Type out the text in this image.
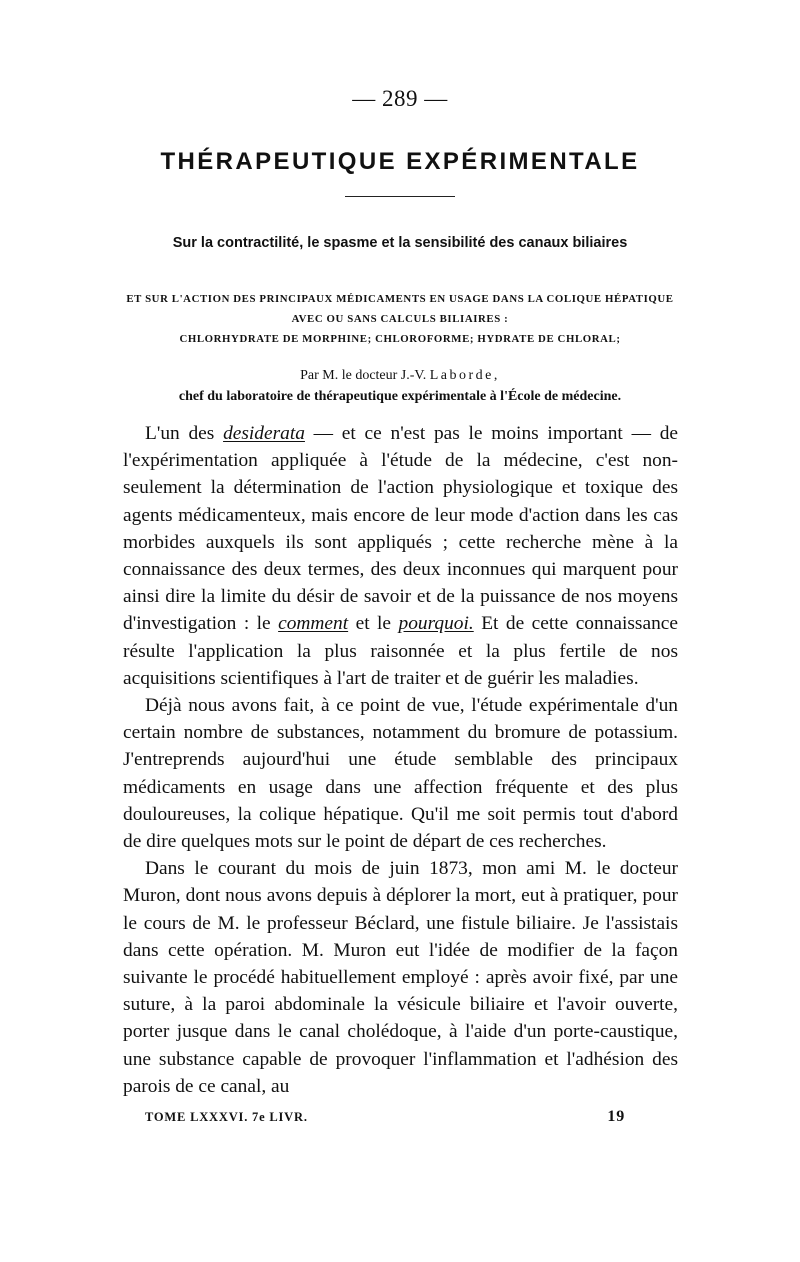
— 289 —
THÉRAPEUTIQUE EXPÉRIMENTALE
Sur la contractilité, le spasme et la sensibilité des canaux biliaires
ET SUR L'ACTION DES PRINCIPAUX MÉDICAMENTS EN USAGE DANS LA COLIQUE HÉPATIQUE
AVEC OU SANS CALCULS BILIAIRES :
CHLORHYDRATE DE MORPHINE; CHLOROFORME; HYDRATE DE CHLORAL;
Par M. le docteur J.-V. Laborde,
chef du laboratoire de thérapeutique expérimentale à l'École de médecine.

L'un des desiderata — et ce n'est pas le moins important — de l'expérimentation appliquée à l'étude de la médecine, c'est non-seulement la détermination de l'action physiologique et toxique des agents médicamenteux, mais encore de leur mode d'action dans les cas morbides auxquels ils sont appliqués ; cette recherche mène à la connaissance des deux termes, des deux inconnues qui marquent pour ainsi dire la limite du désir de savoir et de la puissance de nos moyens d'investigation : le comment et le pourquoi. Et de cette connaissance résulte l'application la plus raisonnée et la plus fertile de nos acquisitions scientifiques à l'art de traiter et de guérir les maladies.

Déjà nous avons fait, à ce point de vue, l'étude expérimentale d'un certain nombre de substances, notamment du bromure de potassium. J'entreprends aujourd'hui une étude semblable des principaux médicaments en usage dans une affection fréquente et des plus douloureuses, la colique hépatique. Qu'il me soit permis tout d'abord de dire quelques mots sur le point de départ de ces recherches.

Dans le courant du mois de juin 1873, mon ami M. le docteur Muron, dont nous avons depuis à déplorer la mort, eut à pratiquer, pour le cours de M. le professeur Béclard, une fistule biliaire. Je l'assistais dans cette opération. M. Muron eut l'idée de modifier de la façon suivante le procédé habituellement employé : après avoir fixé, par une suture, à la paroi abdominale la vésicule biliaire et l'avoir ouverte, porter jusque dans le canal cholédoque, à l'aide d'un porte-caustique, une substance capable de provoquer l'inflammation et l'adhésion des parois de ce canal, au

TOME LXXXVI. 7e LIVR.	19
